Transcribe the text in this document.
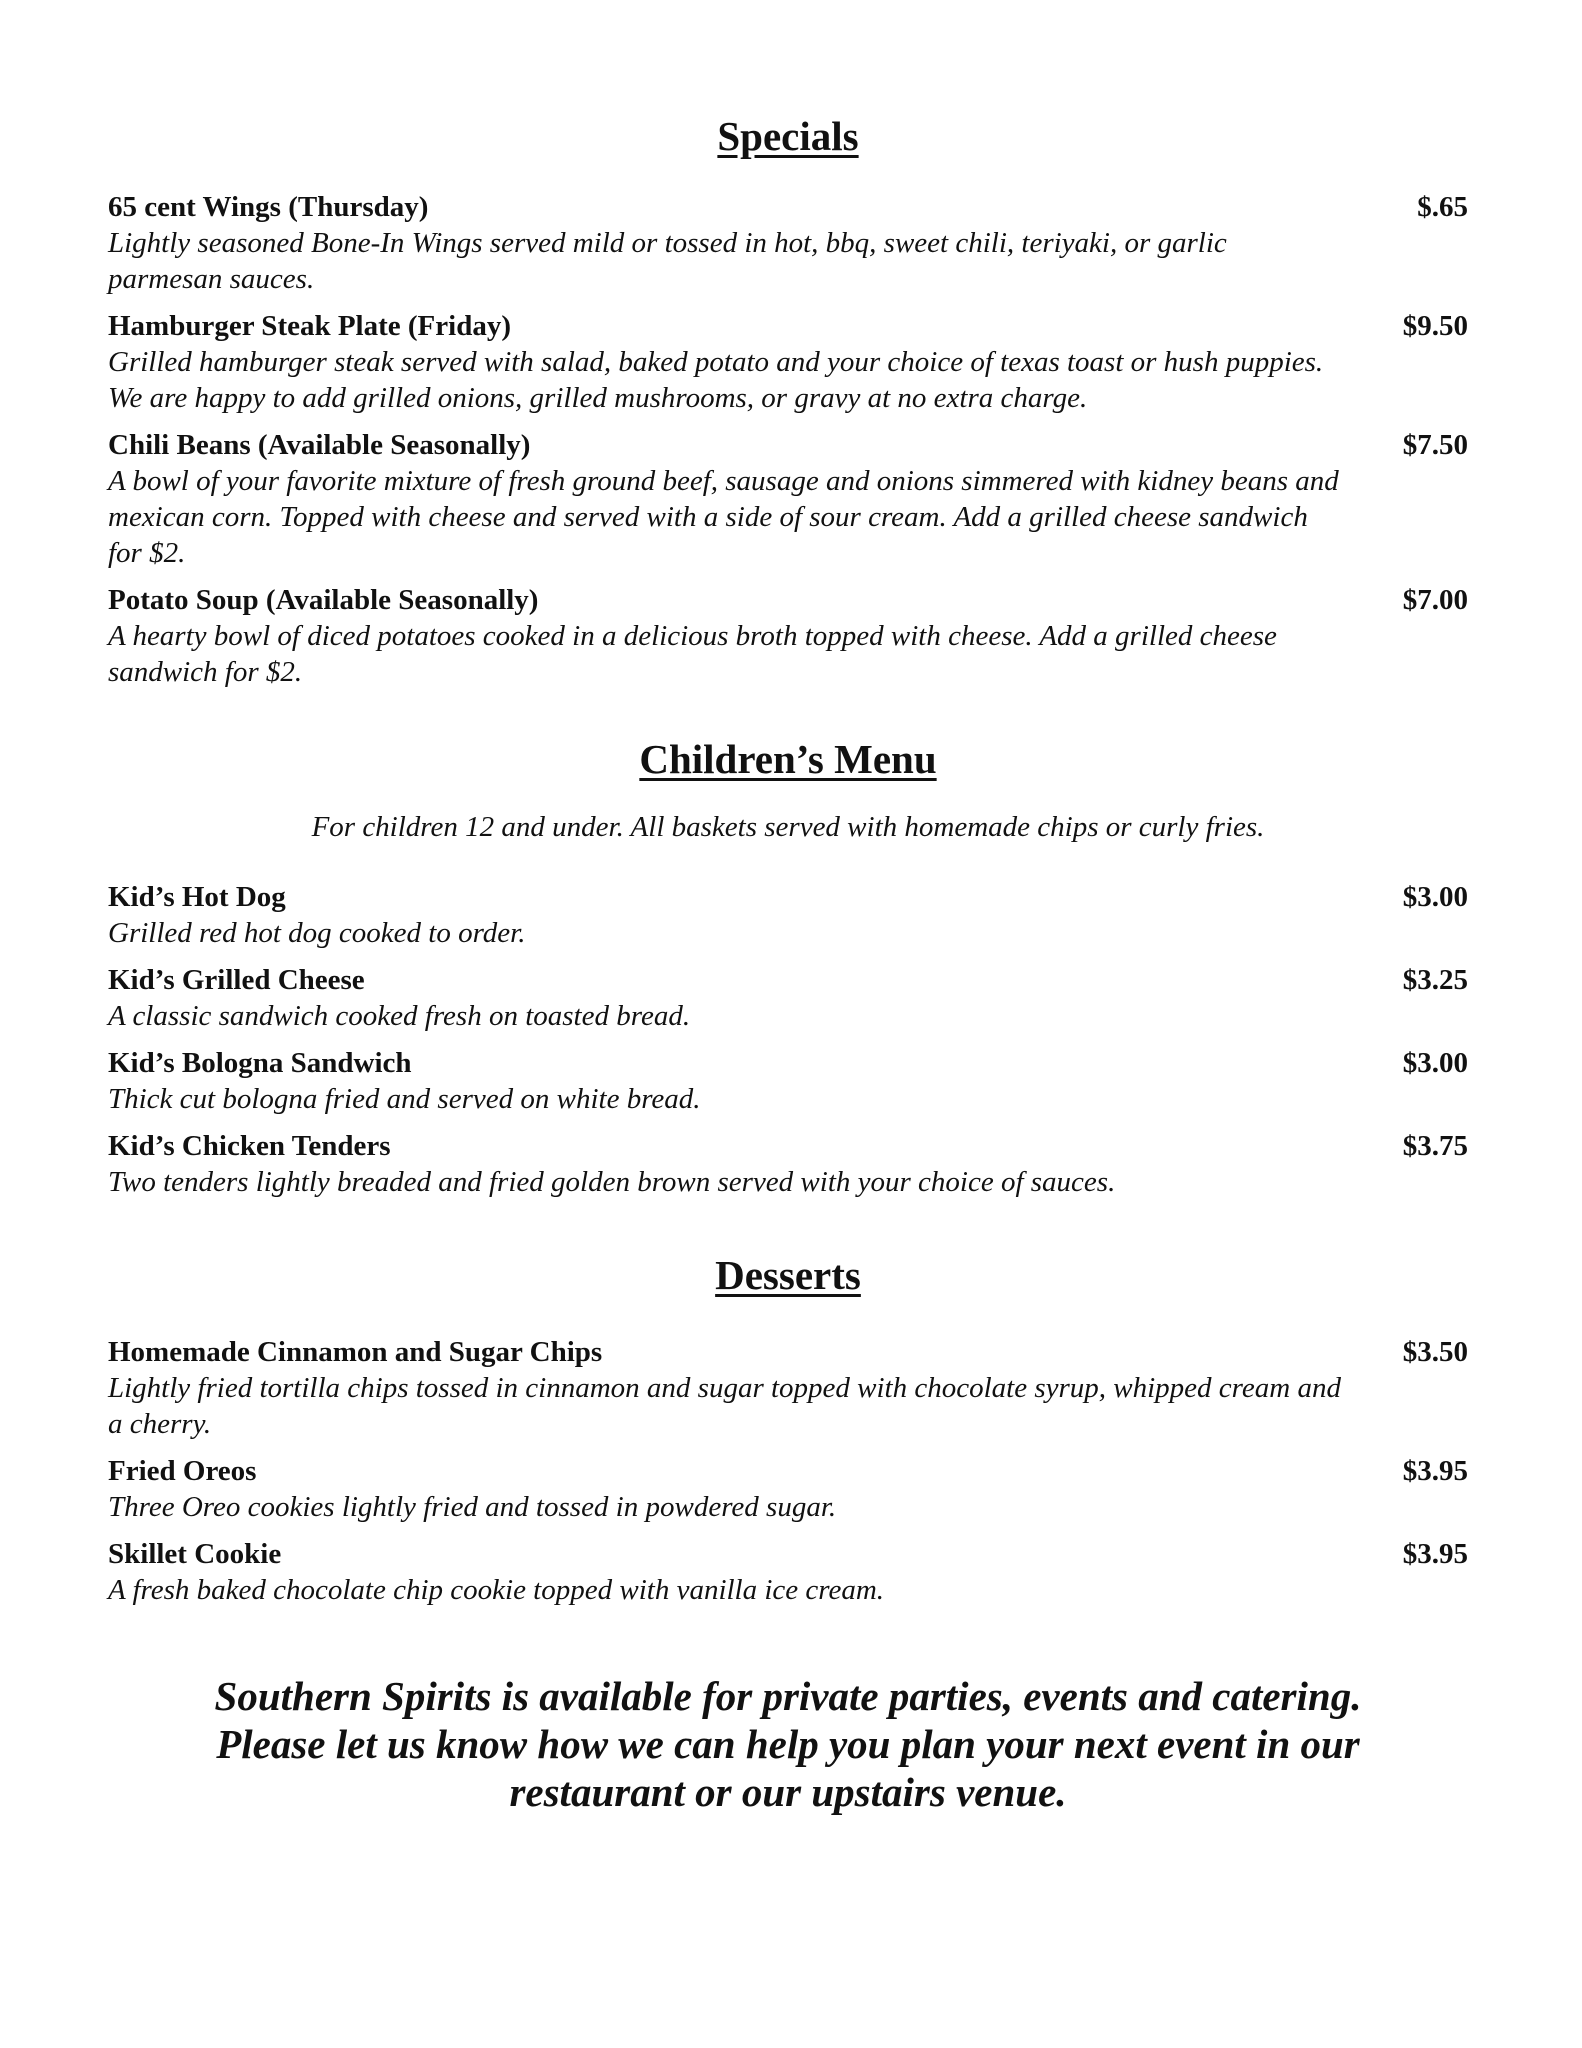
Specials
65 cent Wings (Thursday)	$.65
Lightly seasoned Bone-In Wings served mild or tossed in hot, bbq, sweet chili, teriyaki, or garlic parmesan sauces.
Hamburger Steak Plate (Friday)	$9.50
Grilled hamburger steak served with salad, baked potato and your choice of texas toast or hush puppies. We are happy to add grilled onions, grilled mushrooms, or gravy at no extra charge.
Chili Beans (Available Seasonally)	$7.50
A bowl of your favorite mixture of fresh ground beef, sausage and onions simmered with kidney beans and mexican corn. Topped with cheese and served with a side of sour cream. Add a grilled cheese sandwich for $2.
Potato Soup (Available Seasonally)	$7.00
A hearty bowl of diced potatoes cooked in a delicious broth topped with cheese. Add a grilled cheese sandwich for $2.
Children’s Menu

For children 12 and under. All baskets served with homemade chips or curly fries.

Kid’s Hot Dog	$3.00
Grilled red hot dog cooked to order.
Kid’s Grilled Cheese	$3.25
A classic sandwich cooked fresh on toasted bread.
Kid’s Bologna Sandwich	$3.00
Thick cut bologna fried and served on white bread.
Kid’s Chicken Tenders	$3.75
Two tenders lightly breaded and fried golden brown served with your choice of sauces.
Desserts
Homemade Cinnamon and Sugar Chips	$3.50
Lightly fried tortilla chips tossed in cinnamon and sugar topped with chocolate syrup, whipped cream and a cherry.
Fried Oreos	$3.95
Three Oreo cookies lightly fried and tossed in powdered sugar.
Skillet Cookie	$3.95
A fresh baked chocolate chip cookie topped with vanilla ice cream.

Southern Spirits is available for private parties, events and catering. Please let us know how we can help you plan your next event in our restaurant or our upstairs venue.
